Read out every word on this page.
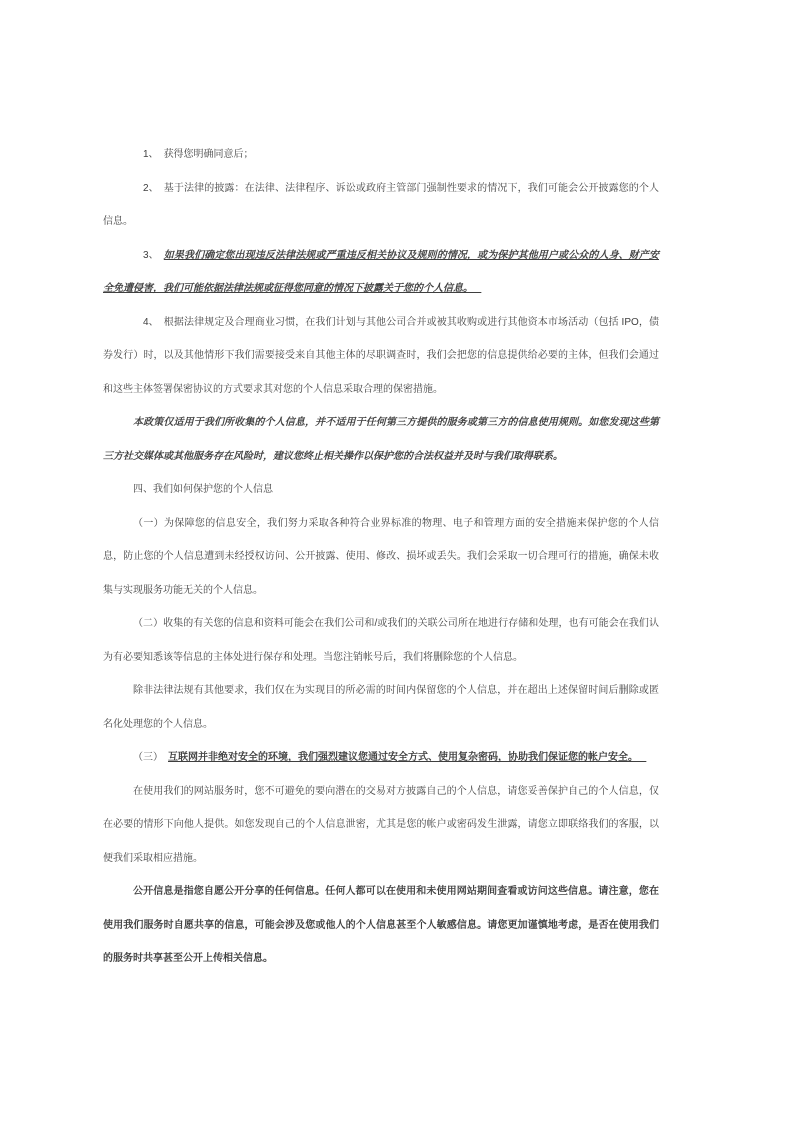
1、 获得您明确同意后；

2、 基于法律的披露：在法律、法律程序、诉讼或政府主管部门强制性要求的情况下，我们可能会公开披露您的个人信息。

3、 如果我们确定您出现违反法律法规或严重违反相关协议及规则的情况，或为保护其他用户或公众的人身、财产安全免遭侵害，我们可能依据法律法规或征得您同意的情况下披露关于您的个人信息。

4、 根据法律规定及合理商业习惯，在我们计划与其他公司合并或被其收购或进行其他资本市场活动（包括 IPO，债券发行）时，以及其他情形下我们需要接受来自其他主体的尽职调查时，我们会把您的信息提供给必要的主体，但我们会通过和这些主体签署保密协议的方式要求其对您的个人信息采取合理的保密措施。

本政策仅适用于我们所收集的个人信息，并不适用于任何第三方提供的服务或第三方的信息使用规则。如您发现这些第三方社交媒体或其他服务存在风险时，建议您终止相关操作以保护您的合法权益并及时与我们取得联系。

四、我们如何保护您的个人信息

（一）为保障您的信息安全，我们努力采取各种符合业界标准的物理、电子和管理方面的安全措施来保护您的个人信息，防止您的个人信息遭到未经授权访问、公开披露、使用、修改、损坏或丢失。我们会采取一切合理可行的措施，确保未收集与实现服务功能无关的个人信息。

（二）收集的有关您的信息和资料可能会在我们公司和/或我们的关联公司所在地进行存储和处理，也有可能会在我们认为有必要知悉该等信息的主体处进行保存和处理。当您注销帐号后，我们将删除您的个人信息。

除非法律法规有其他要求，我们仅在为实现目的所必需的时间内保留您的个人信息，并在超出上述保留时间后删除或匿名化处理您的个人信息。

（三） 互联网并非绝对安全的环境，我们强烈建议您通过安全方式、使用复杂密码，协助我们保证您的帐户安全。

在使用我们的网站服务时，您不可避免的要向潜在的交易对方披露自己的个人信息，请您妥善保护自己的个人信息，仅在必要的情形下向他人提供。如您发现自己的个人信息泄密，尤其是您的帐户或密码发生泄露，请您立即联络我们的客服，以便我们采取相应措施。

公开信息是指您自愿公开分享的任何信息。任何人都可以在使用和未使用网站期间查看或访问这些信息。请注意，您在使用我们服务时自愿共享的信息，可能会涉及您或他人的个人信息甚至个人敏感信息。请您更加谨慎地考虑，是否在使用我们的服务时共享甚至公开上传相关信息。
